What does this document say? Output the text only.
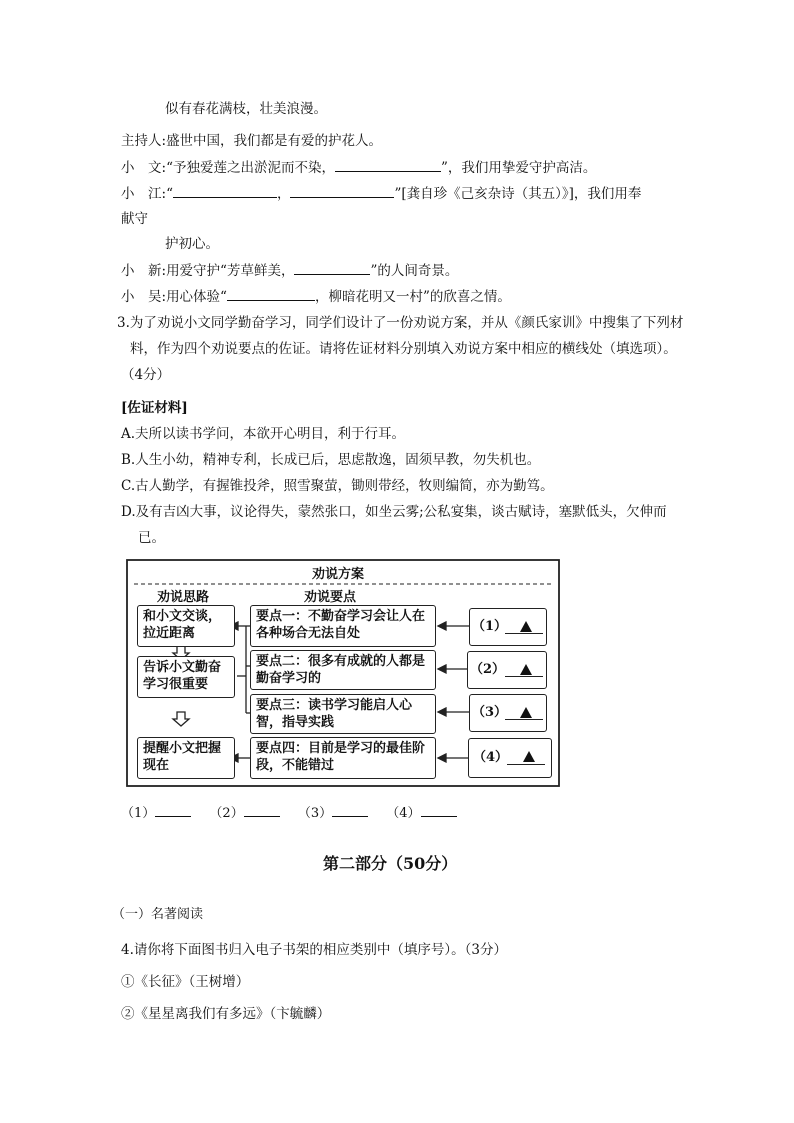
似有春花满枝，壮美浪漫。
主持人:盛世中国，我们都是有爱的护花人。
小　文:“予独爱莲之出淤泥而不染，	”，我们用挚爱守护高洁。
小　江:“	，	”[龚自珍《己亥杂诗（其五）》]，我们用奉
献守
护初心。
小　新:用爱守护“芳草鲜美，	”的人间奇景。
小　吴:用心体验“	，柳暗花明又一村”的欣喜之情。
3.为了劝说小文同学勤奋学习，同学们设计了一份劝说方案，并从《颜氏家训》中搜集了下列材
料，作为四个劝说要点的佐证。请将佐证材料分别填入劝说方案中相应的横线处（填选项）。
（4分）
[佐证材料]
A.夫所以读书学问，本欲开心明目，利于行耳。
B.人生小幼，精神专利，长成已后，思虑散逸，固须早教，勿失机也。
C.古人勤学，有握锥投斧，照雪聚萤，锄则带经，牧则编简，亦为勤笃。
D.及有吉凶大事，议论得失，蒙然张口，如坐云雾;公私宴集，谈古赋诗，塞默低头，欠伸而
已。
劝说方案
劝说思路	劝说要点
和小文交谈，拉近距离
告诉小文勤奋学习很重要
提醒小文把握现在
要点一：不勤奋学习会让人在各种场合无法自处
要点二：很多有成就的人都是勤奋学习的
要点三：读书学习能启人心智，指导实践
要点四：目前是学习的最佳阶段，不能错过
（1）
（2）
（3）
（4）
（1）	（2）	（3）	（4）
第二部分（50分）
（一）名著阅读
4.请你将下面图书归入电子书架的相应类别中（填序号）。（3分）
①《长征》（王树增）
②《星星离我们有多远》（卞毓麟）
